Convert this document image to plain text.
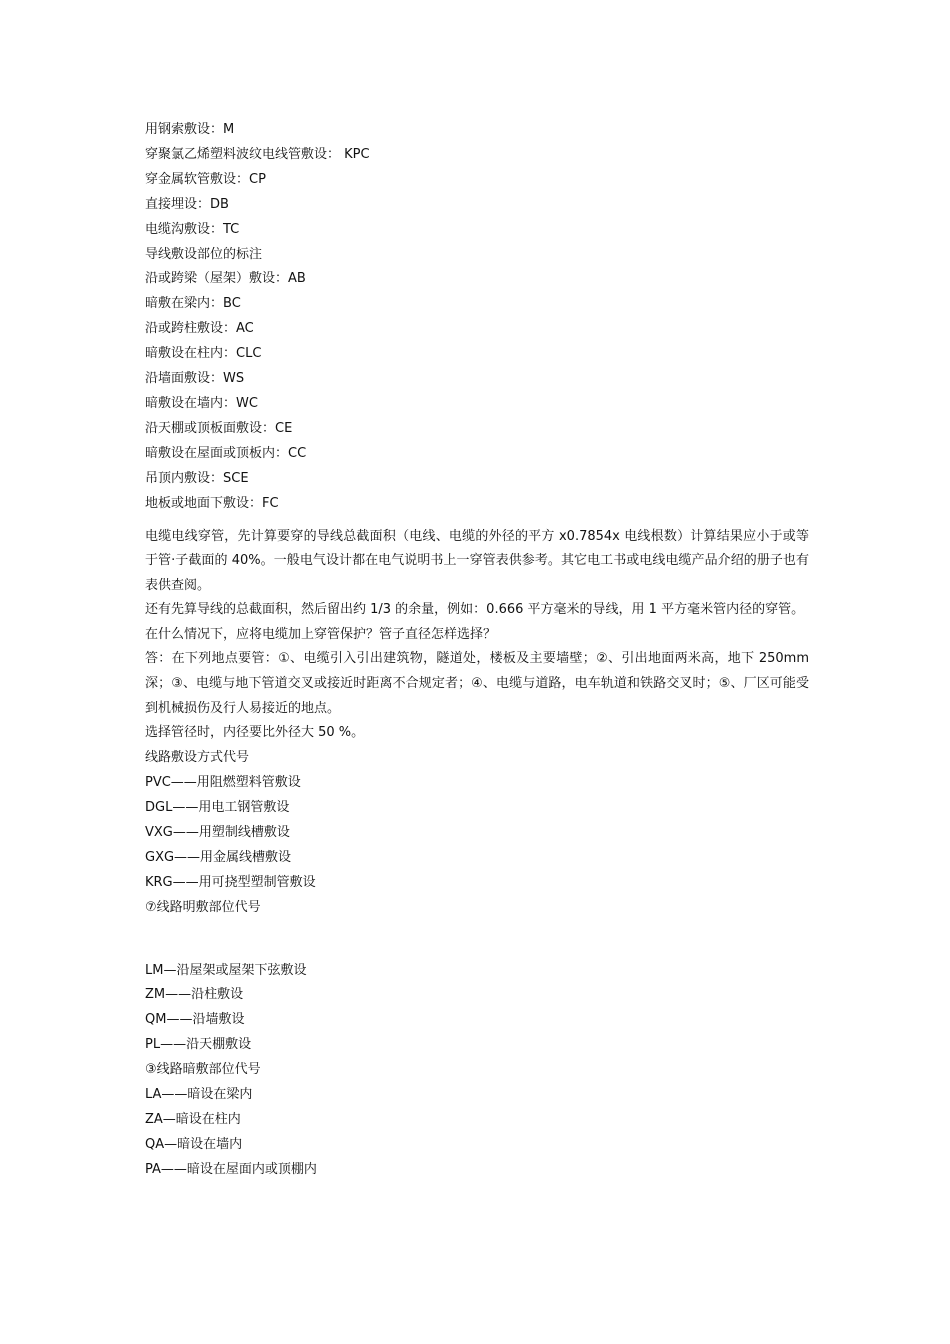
用钢索敷设：M

穿聚氯乙烯塑料波纹电线管敷设： KPC

穿金属软管敷设：CP

直接埋设：DB

电缆沟敷设：TC

导线敷设部位的标注

沿或跨梁（屋架）敷设：AB

暗敷在梁内：BC

沿或跨柱敷设：AC

暗敷设在柱内：CLC

沿墙面敷设：WS

暗敷设在墙内：WC

沿天棚或顶板面敷设：CE

暗敷设在屋面或顶板内：CC

吊顶内敷设：SCE

地板或地面下敷设：FC

电缆电线穿管，先计算要穿的导线总截面积（电线、电缆的外径的平方 x0.7854x 电线根数）计算结果应小于或等于管·子截面的 40%。一般电气设计都在电气说明书上一穿管表供参考。其它电工书或电线电缆产品介绍的册子也有表供查阅。

还有先算导线的总截面积，然后留出约 1/3 的余量，例如：0.666 平方毫米的导线，用 1 平方毫米管内径的穿管。

在什么情况下，应将电缆加上穿管保护？管子直径怎样选择？

答：在下列地点要管：①、电缆引入引出建筑物，隧道处，楼板及主要墙壁；②、引出地面两米高，地下 250mm 深；③、电缆与地下管道交叉或接近时距离不合规定者；④、电缆与道路，电车轨道和铁路交叉时；⑤、厂区可能受到机械损伤及行人易接近的地点。

选择管径时，内径要比外径大 50 %。

线路敷设方式代号

PVC——用阻燃塑料管敷设

DGL——用电工钢管敷设

VXG——用塑制线槽敷设

GXG——用金属线槽敷设

KRG——用可挠型塑制管敷设

⑦线路明敷部位代号

LM—沿屋架或屋架下弦敷设

ZM——沿柱敷设

QM——沿墙敷设

PL——沿天棚敷设

③线路暗敷部位代号

LA——暗设在梁内

ZA—暗设在柱内

QA—暗设在墙内

PA——暗设在屋面内或顶棚内
